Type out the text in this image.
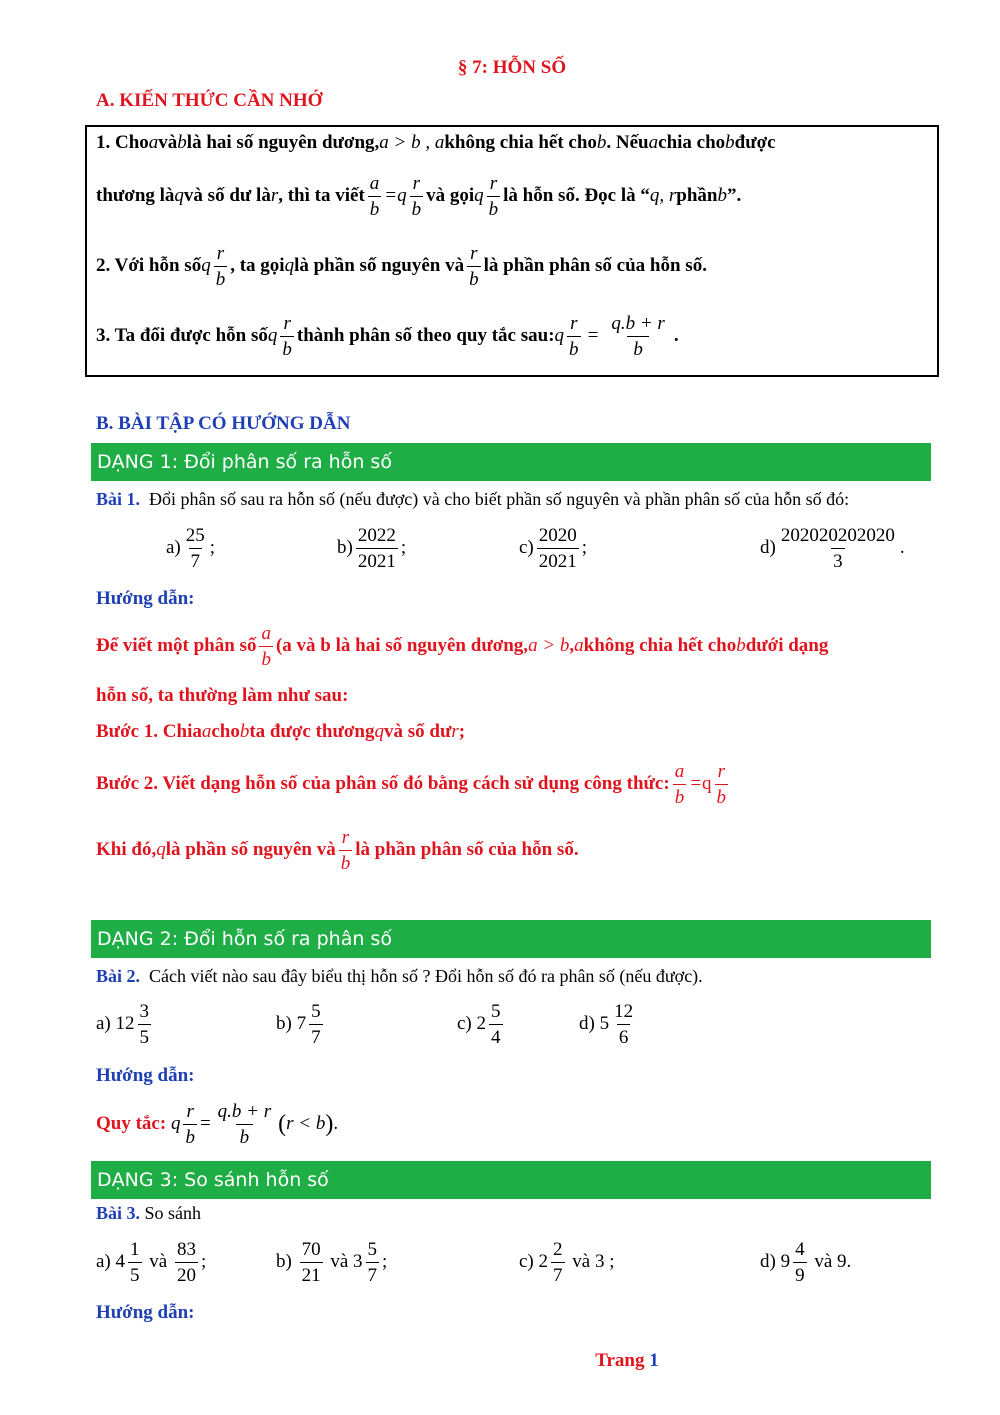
§ 7: HỖN SỐ
A. KIẾN THỨC CẦN NHỚ
1. Cho a và b là hai số nguyên dương, a > b , a không chia hết cho b . Nếu a chia cho b được
thương là q và số dư là r , thì ta viết $\frac{a}{b} = q \frac{r}{b}$ và gọi q $\frac{r}{b}$ là hỗn số. Đọc là “ q, r phần b ”.
2. Với hỗn số q $\frac{r}{b}$ , ta gọi q là phần số nguyên và $\frac{r}{b}$ là phần phân số của hỗn số.
3. Ta đổi được hỗn số q $\frac{r}{b}$ thành phân số theo quy tắc sau: q $\frac{r}{b} = \frac{q.b + r}{b}$ .
B. BÀI TẬP CÓ HƯỚNG DẪN
DẠNG 1: Đổi phân số ra hỗn số
Bài 1.
Đổi phân số sau ra hỗn số (nếu được) và cho biết phần số nguyên và phần phân số của hỗn số đó:
$a) \frac{25}{7}$ ;	$b) \frac{2022}{2021}$ ;	$c) \frac{2020}{2021}$ ;	$d) \frac{202020202020}{3}$ .
Hướng dẫn:
Để viết một phân số $\frac{a}{b} (a$ và b là hai số nguyên dương, a > b , a không chia hết cho b dưới dạng
hỗn số, ta thường làm như sau:
Bước 1. Chia a cho b ta được thương q và số dư r ;
Bước 2. Viết dạng hỗn số của phân số đó bằng cách sử dụng công thức: $\frac{a}{b} = q \frac{r}{b}$
Khi đó, q là phần số nguyên và $\frac{r}{b}$ là phần phân số của hỗn số.
DẠNG 2: Đổi hỗn số ra phân số
Bài 2.
Cách viết nào sau đây biểu thị hỗn số ? Đổi hỗn số đó ra phân số (nếu được).
a)
$12 \frac{3}{5}$	b)
$7 \frac{5}{7}$	c)
$2 \frac{5}{4}$	d)
$5 \frac{12}{6}$
Hướng dẫn:
Quy tắc:
q $\frac{r}{b} = \frac{q.b + r}{b}$ ( r < b ) .
DẠNG 3: So sánh hỗn số
Bài 3.
So sánh
a)
$4 \frac{1}{5}$
và
$\frac{83}{20}$ ;	b)
$\frac{70}{21}$
và
$3 \frac{5}{7}$ ;	c)
$2 \frac{2}{7}$
và
3
;	d)
$9 \frac{4}{9}$
và
9 .
Hướng dẫn:
Trang 1
